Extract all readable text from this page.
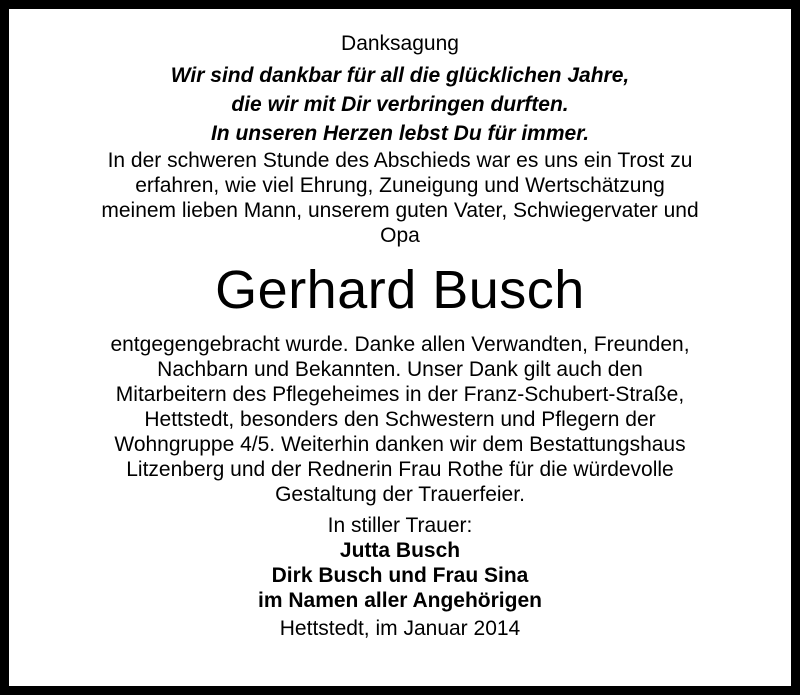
Danksagung

Wir sind dankbar für all die glücklichen Jahre,
die wir mit Dir verbringen durften.
In unseren Herzen lebst Du für immer.

In der schweren Stunde des Abschieds war es uns ein Trost zu
erfahren, wie viel Ehrung, Zuneigung und Wertschätzung
meinem lieben Mann, unserem guten Vater, Schwiegervater und
Opa

Gerhard Busch

entgegengebracht wurde. Danke allen Verwandten, Freunden,
Nachbarn und Bekannten. Unser Dank gilt auch den
Mitarbeitern des Pflegeheimes in der Franz-Schubert-Straße,
Hettstedt, besonders den Schwestern und Pflegern der
Wohngruppe 4/5. Weiterhin danken wir dem Bestattungshaus
Litzenberg und der Rednerin Frau Rothe für die würdevolle
Gestaltung der Trauerfeier.

In stiller Trauer:

Jutta Busch
Dirk Busch und Frau Sina
im Namen aller Angehörigen

Hettstedt, im Januar 2014
